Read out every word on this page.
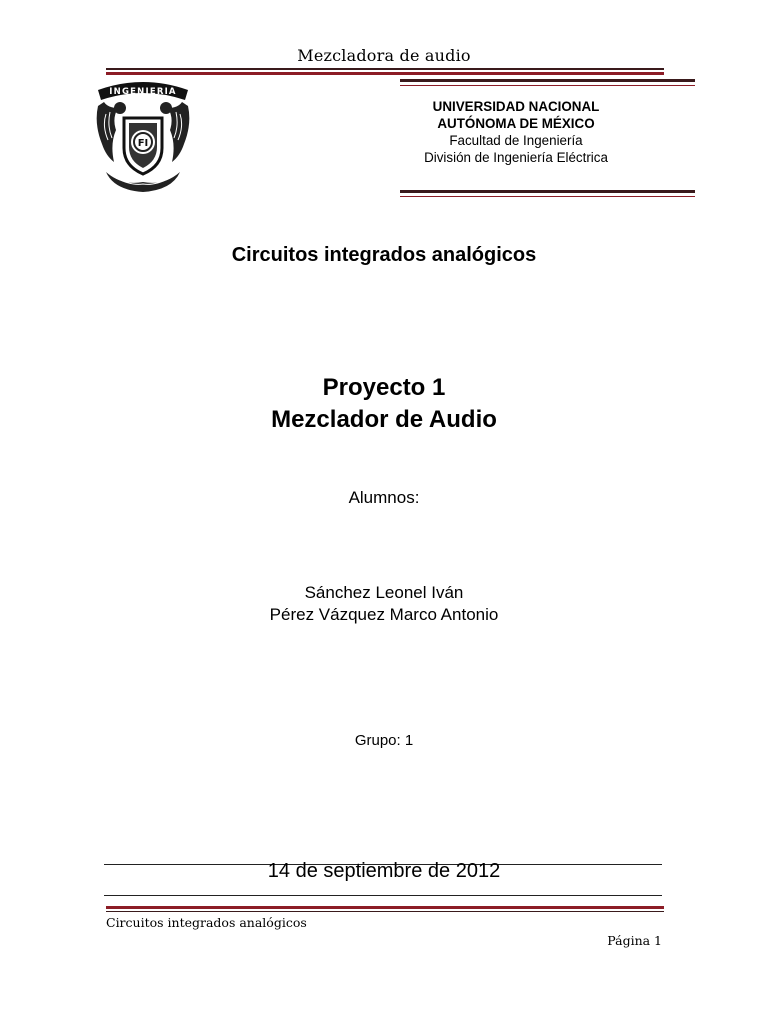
Mezcladora de audio
INGENIERIA
FI
UNIVERSIDAD NACIONAL
AUTÓNOMA DE MÉXICO
Facultad de Ingeniería
División de Ingeniería Eléctrica
Circuitos integrados analógicos
Proyecto 1
Mezclador de Audio
Alumnos:
Sánchez Leonel Iván
Pérez Vázquez Marco Antonio
Grupo: 1
14 de septiembre de 2012
Circuitos integrados analógicos
Página 1
